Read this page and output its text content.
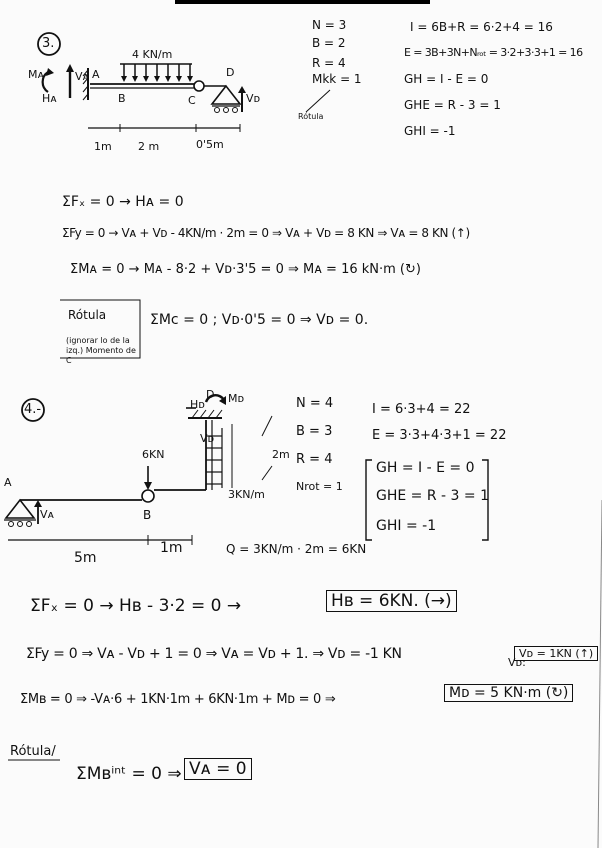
3.
4 KN/m
Mᴀ
Hᴀ
Vᴀ A
B	C
D
Vᴅ
1m 2 m	0'5m
Rótula
N = 3
B = 2
R = 4
Mkk = 1
I = 6B+R = 6·2+4 = 16
E = 3B+3N+Nᵣₒₜ = 3·2+3·3+1 = 16
GH = I - E = 0
GHE = R - 3 = 1
GHI = -1
ΣFₓ = 0 → Hᴀ = 0
ΣFy = 0 → Vᴀ + Vᴅ - 4KN/m · 2m = 0 ⇒ Vᴀ + Vᴅ = 8 KN ⇒ Vᴀ = 8 KN (↑)
ΣMᴀ = 0 → Mᴀ - 8·2 + Vᴅ·3'5 = 0 ⇒ Mᴀ = 16 kN·m (↻)
Rótula
(ignorar lo de la izq.) Momento de C
ΣMc = 0 ; Vᴅ·0'5 = 0 ⇒ Vᴅ = 0.
4.-
A
Vᴀ
6KN
B
D Mᴅ
Hᴅ
Vᴅ
3KN/m
2m
5m
1m	Q = 3KN/m · 2m = 6KN
N = 4
B = 3
R = 4
Nrot = 1
I = 6·3+4 = 22
E = 3·3+4·3+1 = 22
GH = I - E = 0
GHE = R - 3 = 1
GHI = -1
ΣFₓ = 0 → Hʙ - 3·2 = 0 →	Hʙ = 6KN. (→)
ΣFy = 0 ⇒ Vᴀ - Vᴅ + 1 = 0 ⇒ Vᴀ = Vᴅ + 1. ⇒ Vᴅ = -1 KN
Vᴅ:
Vᴅ = 1KN (↑)
ΣMʙ = 0 ⇒ -Vᴀ·6 + 1KN·1m + 6KN·1m + Mᴅ = 0 ⇒	Mᴅ = 5 KN·m (↻)
Rótula/
ΣMʙⁱⁿᵗ = 0 ⇒ Vᴀ = 0
